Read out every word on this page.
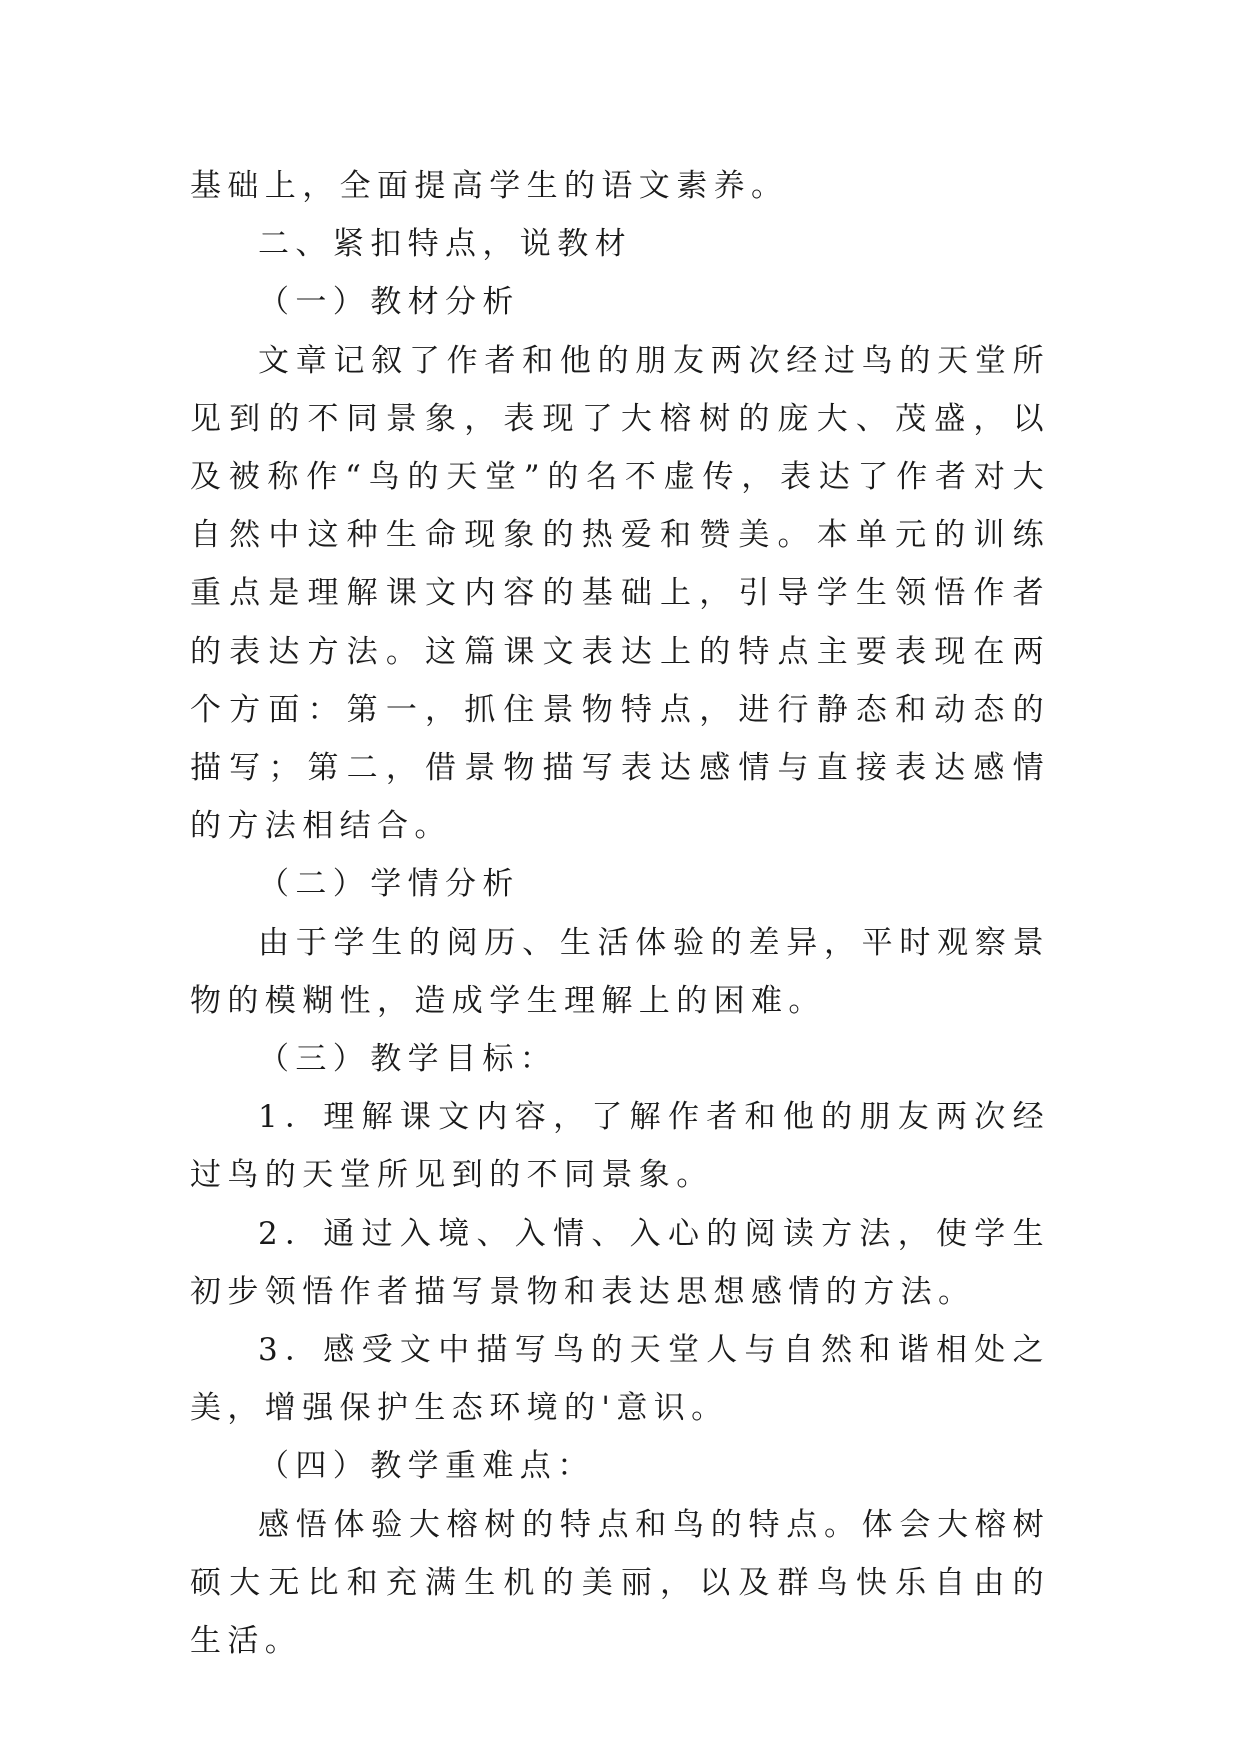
基础上，全面提高学生的语文素养。

二、紧扣特点，说教材

（一）教材分析

文章记叙了作者和他的朋友两次经过鸟的天堂所见到的不同景象，表现了大榕树的庞大、茂盛，以及被称作“鸟的天堂”的名不虚传，表达了作者对大自然中这种生命现象的热爱和赞美。本单元的训练重点是理解课文内容的基础上，引导学生领悟作者的表达方法。这篇课文表达上的特点主要表现在两个方面：第一，抓住景物特点，进行静态和动态的描写；第二，借景物描写表达感情与直接表达感情的方法相结合。

（二）学情分析

由于学生的阅历、生活体验的差异，平时观察景物的模糊性，造成学生理解上的困难。

（三）教学目标：

1．理解课文内容，了解作者和他的朋友两次经过鸟的天堂所见到的不同景象。

2．通过入境、入情、入心的阅读方法，使学生初步领悟作者描写景物和表达思想感情的方法。

3．感受文中描写鸟的天堂人与自然和谐相处之美，增强保护生态环境的'意识。

（四）教学重难点：

感悟体验大榕树的特点和鸟的特点。体会大榕树硕大无比和充满生机的美丽，以及群鸟快乐自由的生活。
